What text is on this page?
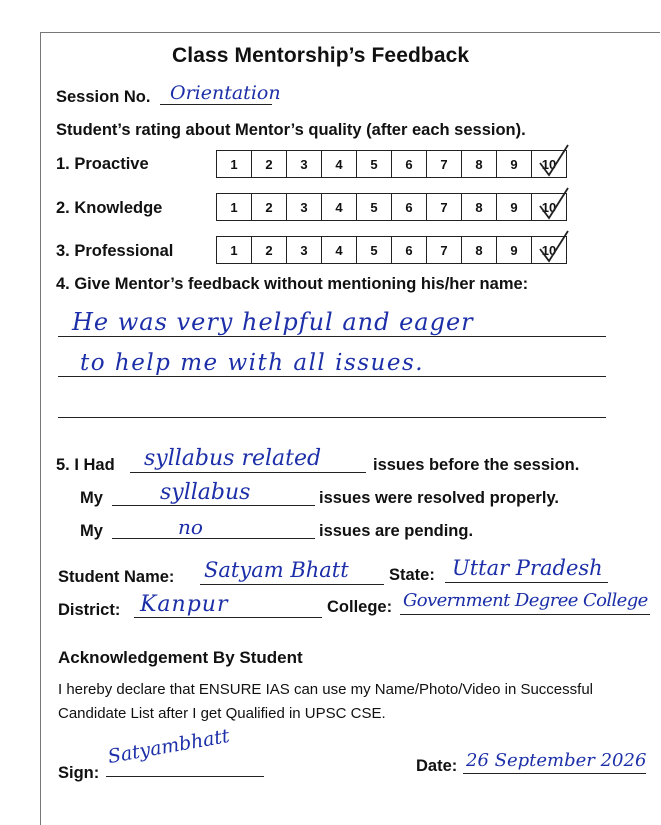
Class Mentorship’s Feedback
Session No. Orientation
Student’s rating about Mentor’s quality (after each session).
1. Proactive	1	2	3	4	5	6	7	8	9	10
2. Knowledge	1	2	3	4	5	6	7	8	9	10
3. Professional	1	2	3	4	5	6	7	8	9	10
4. Give Mentor’s feedback without mentioning his/her name:
He was very helpful and eager
to help me with all issues.
5. I Had syllabus related	issues before the session.
My	syllabus	issues were resolved properly.
My	no	issues are pending.
Student Name: Satyam Bhatt State: Uttar Pradesh
District: Kanpur	College: Government Degree College
Acknowledgement By Student
I hereby declare that ENSURE IAS can use my Name/Photo/Video in Successful
Candidate List after I get Qualified in UPSC CSE.
Sign:
Satyambhatt	Date: 26 September 2026
